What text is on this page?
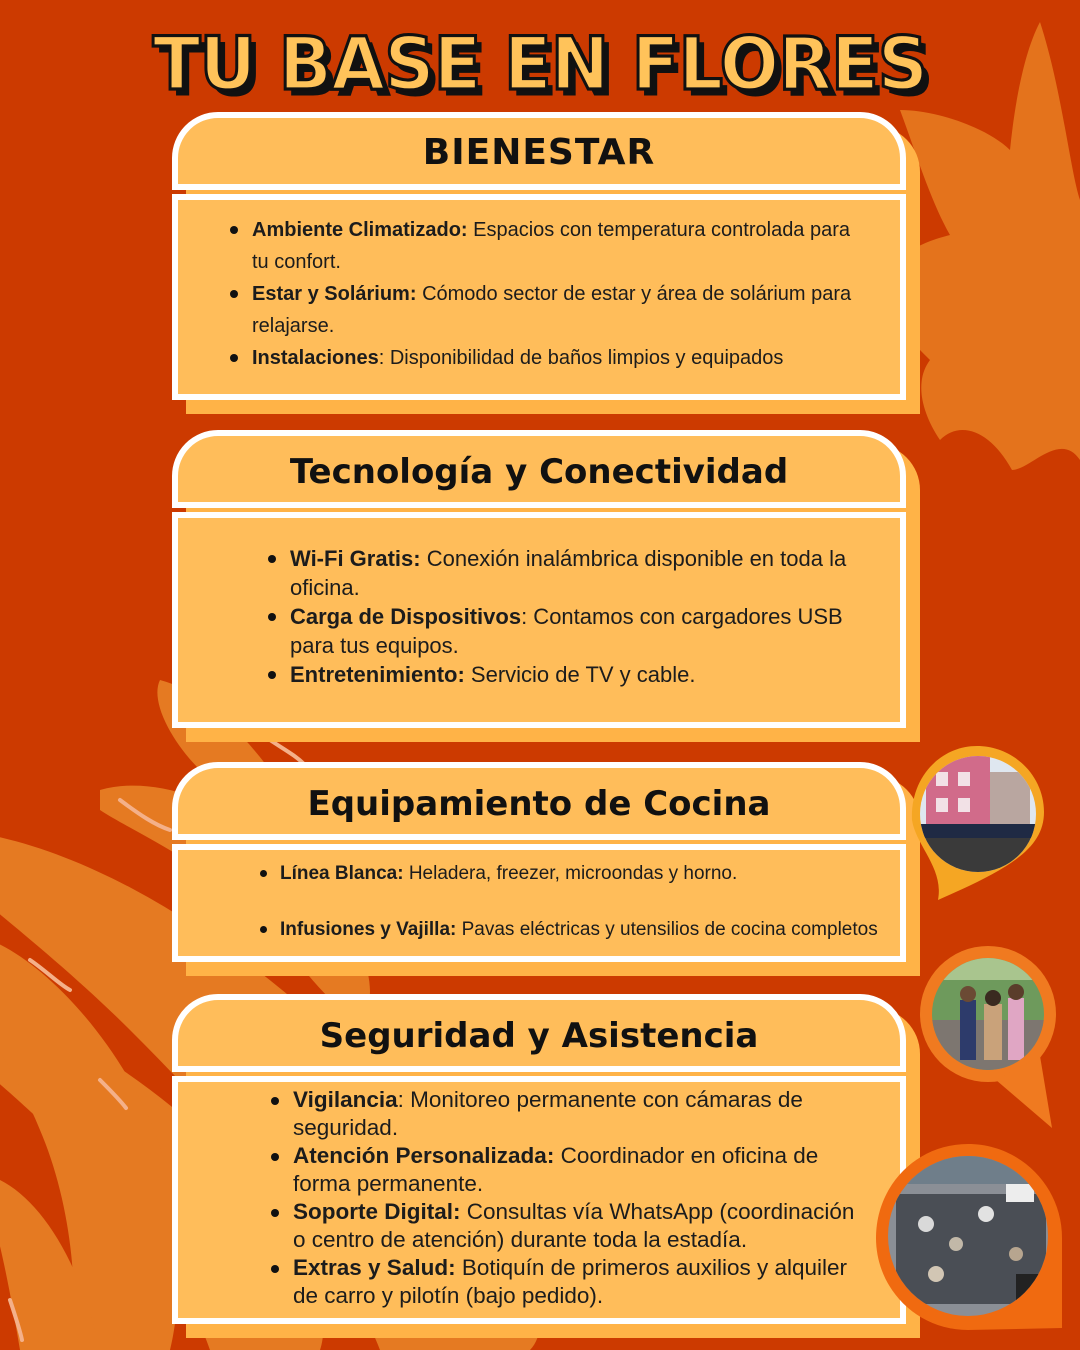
TU BASE EN FLORES
BIENESTAR
Ambiente Climatizado: Espacios con temperatura controlada para tu confort.
Estar y Solárium: Cómodo sector de estar y área de solárium para relajarse.
Instalaciones: Disponibilidad de baños limpios y equipados
Tecnología y Conectividad
Wi-Fi Gratis: Conexión inalámbrica disponible en toda la oficina.
Carga de Dispositivos: Contamos con cargadores USB para tus equipos.
Entretenimiento: Servicio de TV y cable.
Equipamiento de Cocina
Línea Blanca: Heladera, freezer, microondas y horno.
Infusiones y Vajilla: Pavas eléctricas y utensilios de cocina completos
Seguridad y Asistencia
Vigilancia: Monitoreo permanente con cámaras de seguridad.
Atención Personalizada: Coordinador en oficina de forma permanente.
Soporte Digital: Consultas vía WhatsApp (coordinación o centro de atención) durante toda la estadía.
Extras y Salud: Botiquín de primeros auxilios y alquiler de carro y pilotín (bajo pedido).
